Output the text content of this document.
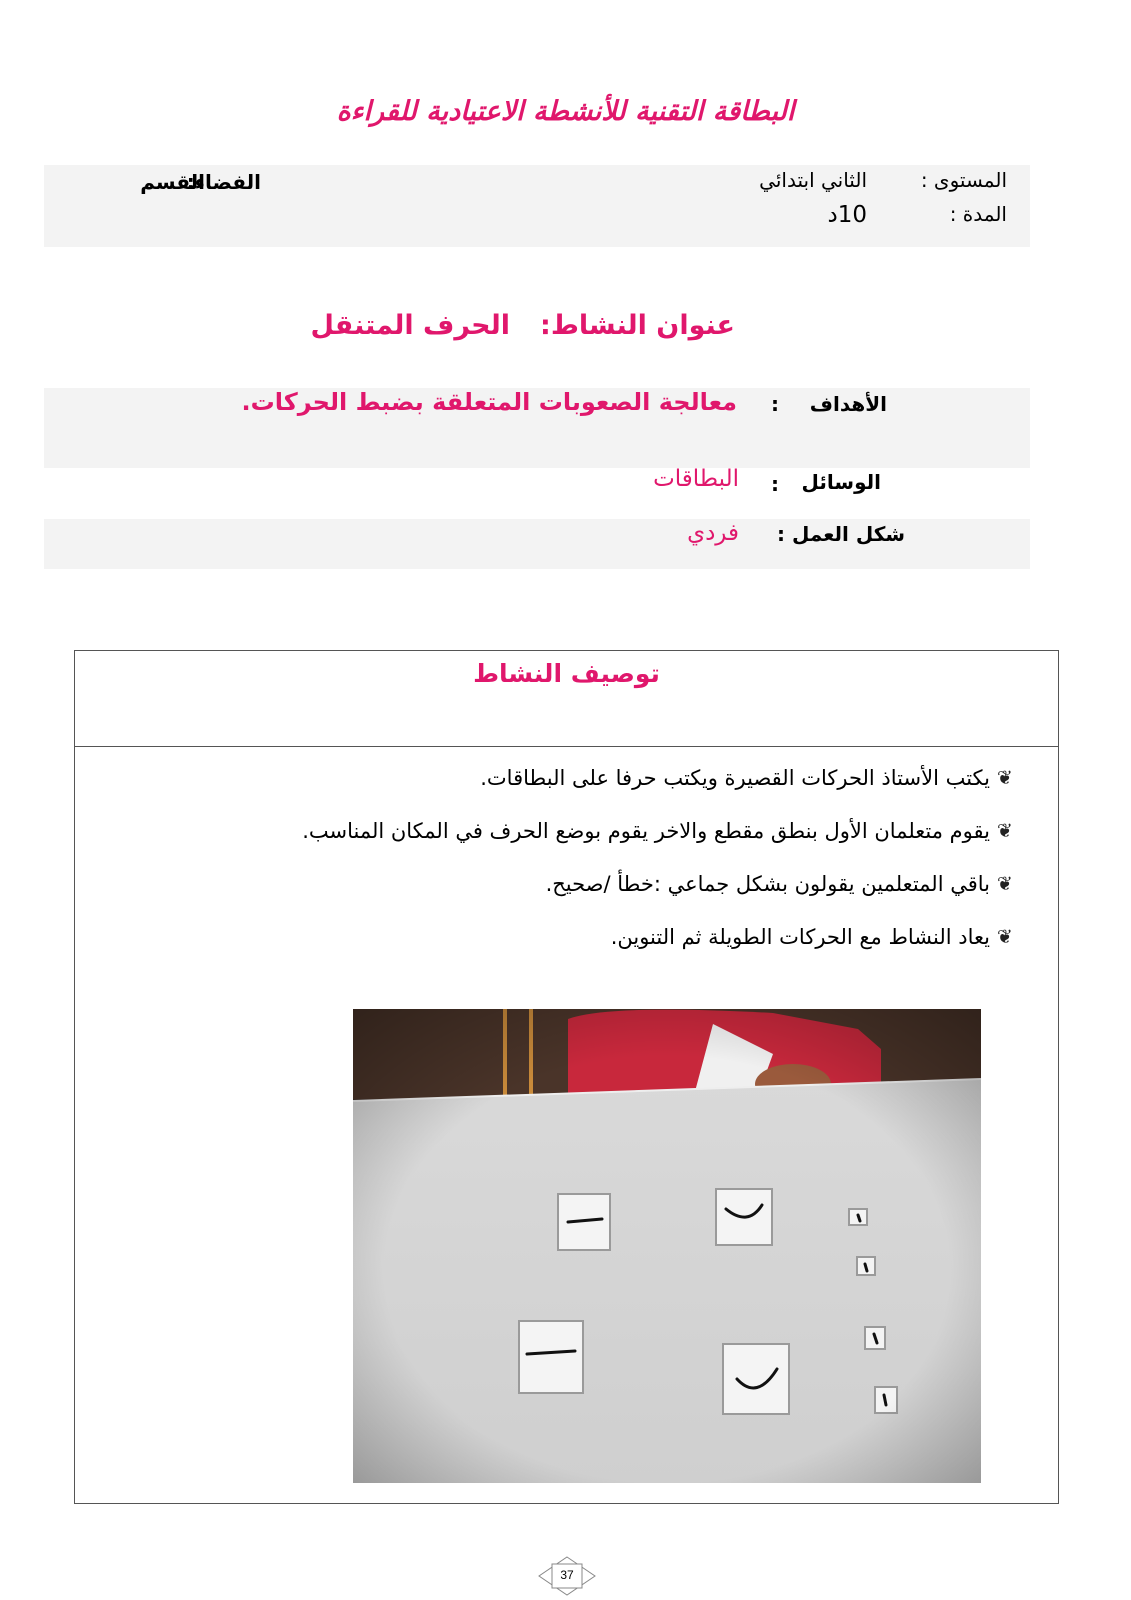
البطاقة التقنية للأنشطة الاعتيادية للقراءة
المستوى :
الثاني ابتدائي
المدة :
10د
الفضاء:
القسم
عنوان النشاط:الحرف المتنقل
الأهداف
:
معالجة الصعوبات المتعلقة بضبط الحركات.
الوسائل
:
البطاقات
شكل العمل :
فردي
توصيف النشاط
❦
يكتب الأستاذ الحركات القصيرة ويكتب حرفا على البطاقات.
❦
يقوم متعلمان الأول بنطق مقطع والاخر يقوم بوضع الحرف في المكان المناسب.
❦
باقي المتعلمين يقولون بشكل جماعي :خطأ /صحيح.
❦
يعاد النشاط مع الحركات الطويلة ثم التنوين.
37
